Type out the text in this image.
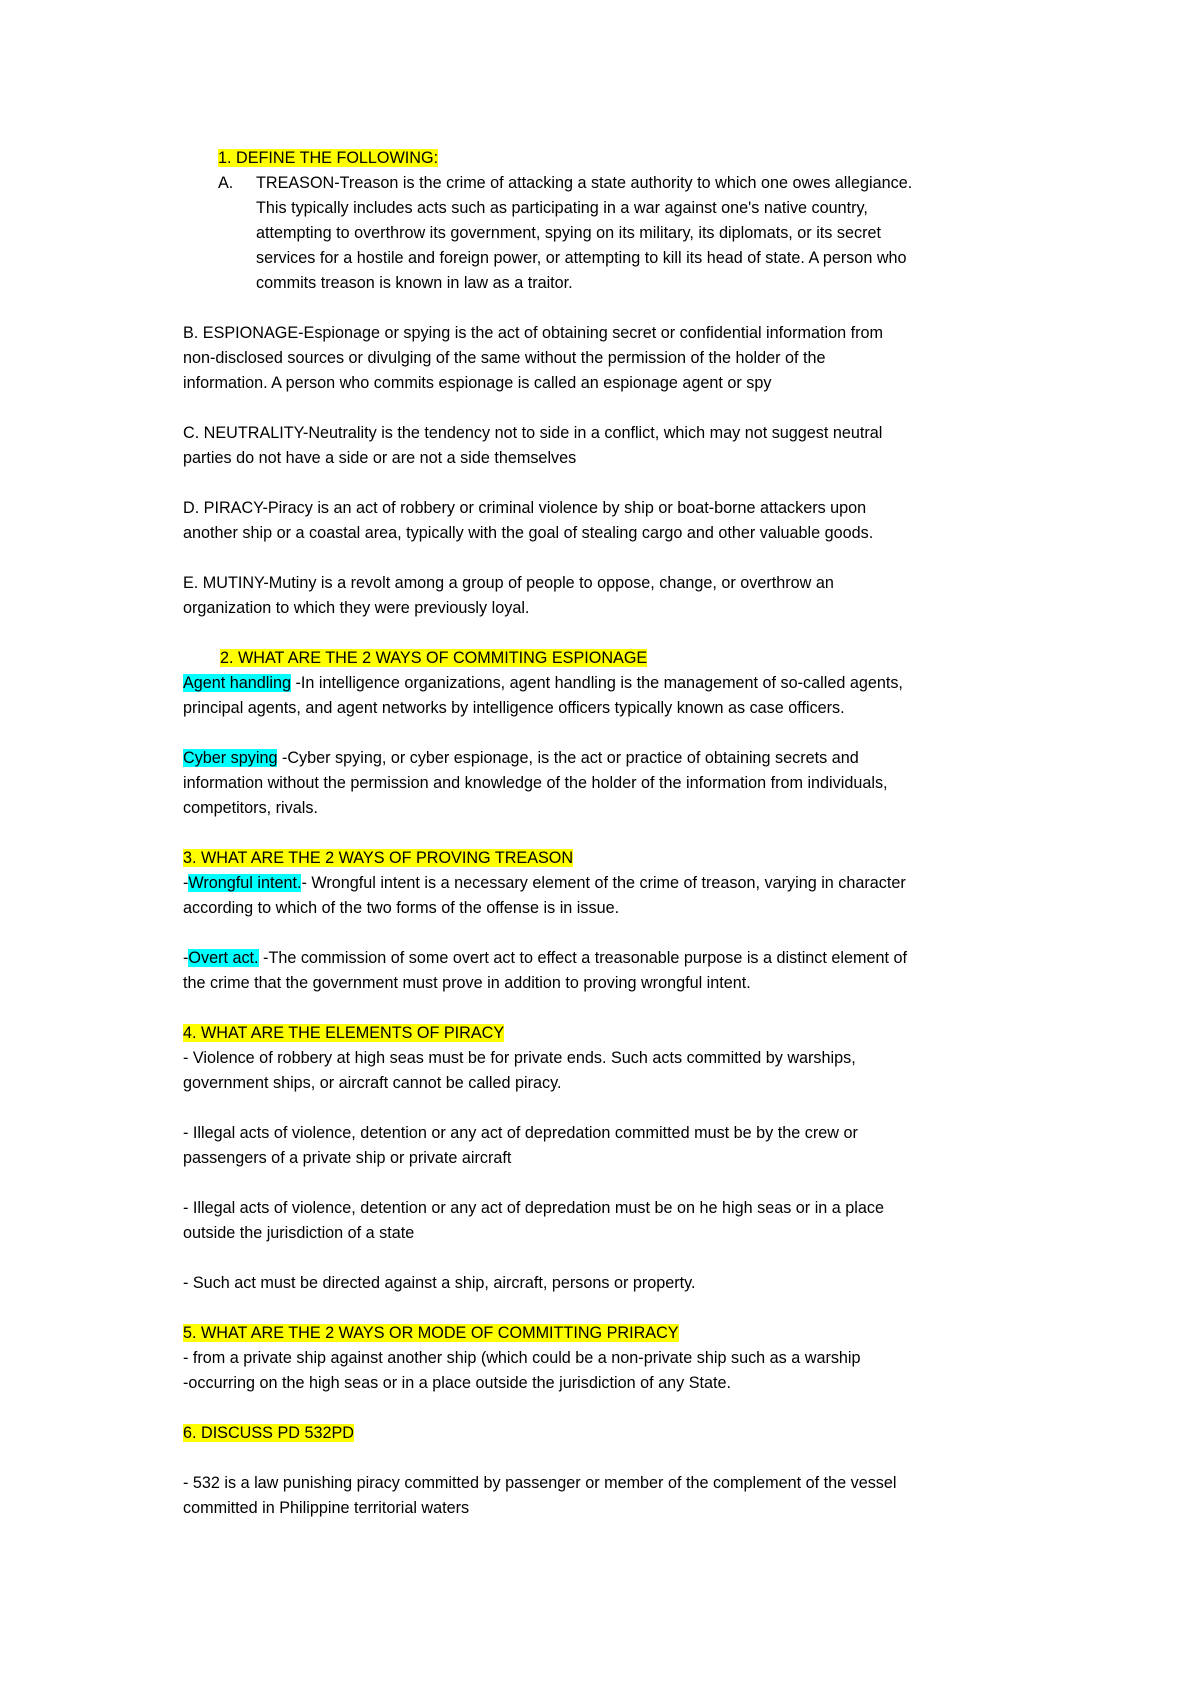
1. DEFINE THE FOLLOWING:

A. TREASON-Treason is the crime of attacking a state authority to which one owes allegiance.

This typically includes acts such as participating in a war against one's native country,

attempting to overthrow its government, spying on its military, its diplomats, or its secret

services for a hostile and foreign power, or attempting to kill its head of state. A person who

commits treason is known in law as a traitor.

B. ESPIONAGE-Espionage or spying is the act of obtaining secret or confidential information from

non-disclosed sources or divulging of the same without the permission of the holder of the

information. A person who commits espionage is called an espionage agent or spy

C. NEUTRALITY-Neutrality is the tendency not to side in a conflict, which may not suggest neutral

parties do not have a side or are not a side themselves

D. PIRACY-Piracy is an act of robbery or criminal violence by ship or boat-borne attackers upon

another ship or a coastal area, typically with the goal of stealing cargo and other valuable goods.

E. MUTINY-Mutiny is a revolt among a group of people to oppose, change, or overthrow an

organization to which they were previously loyal.

2. WHAT ARE THE 2 WAYS OF COMMITING ESPIONAGE

Agent handling -In intelligence organizations, agent handling is the management of so-called agents,

principal agents, and agent networks by intelligence officers typically known as case officers.

Cyber spying -Cyber spying, or cyber espionage, is the act or practice of obtaining secrets and

information without the permission and knowledge of the holder of the information from individuals,

competitors, rivals.

3. WHAT ARE THE 2 WAYS OF PROVING TREASON

-Wrongful intent.- Wrongful intent is a necessary element of the crime of treason, varying in character

according to which of the two forms of the offense is in issue.

-Overt act. -The commission of some overt act to effect a treasonable purpose is a distinct element of

the crime that the government must prove in addition to proving wrongful intent.

4. WHAT ARE THE ELEMENTS OF PIRACY

- Violence of robbery at high seas must be for private ends. Such acts committed by warships,

government ships, or aircraft cannot be called piracy.

- Illegal acts of violence, detention or any act of depredation committed must be by the crew or

passengers of a private ship or private aircraft

- Illegal acts of violence, detention or any act of depredation must be on he high seas or in a place

outside the jurisdiction of a state

- Such act must be directed against a ship, aircraft, persons or property.

5. WHAT ARE THE 2 WAYS OR MODE OF COMMITTING PRIRACY

- from a private ship against another ship (which could be a non-private ship such as a warship

-occurring on the high seas or in a place outside the jurisdiction of any State.

6. DISCUSS PD 532PD

- 532 is a law punishing piracy committed by passenger or member of the complement of the vessel

committed in Philippine territorial waters
